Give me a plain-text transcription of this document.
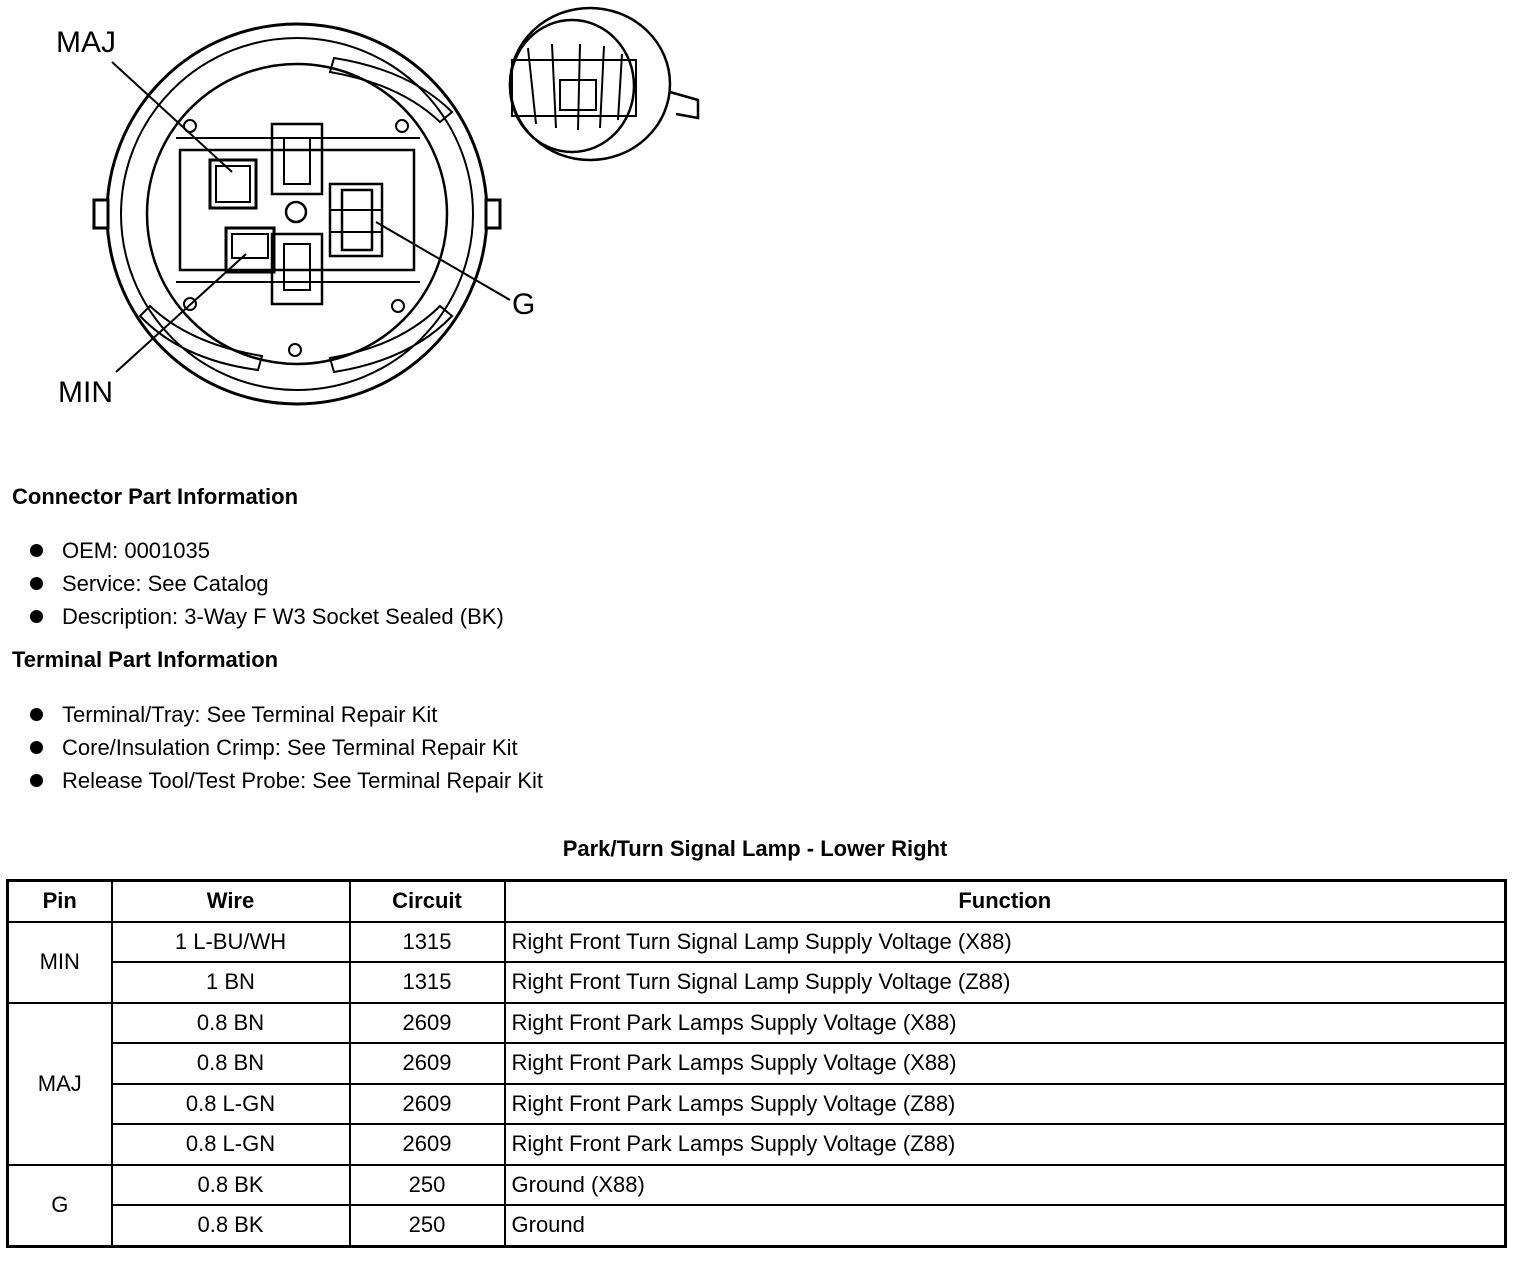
MAJ
MIN
G
Connector Part Information
OEM: 0001035
Service: See Catalog
Description: 3-Way F W3 Socket Sealed (BK)
Terminal Part Information
Terminal/Tray: See Terminal Repair Kit
Core/Insulation Crimp: See Terminal Repair Kit
Release Tool/Test Probe: See Terminal Repair Kit
Park/Turn Signal Lamp - Lower Right
Pin	Wire	Circuit	Function
MIN	1 L-BU/WH	1315	Right Front Turn Signal Lamp Supply Voltage (X88)
	1 BN	1315	Right Front Turn Signal Lamp Supply Voltage (Z88)
MAJ	0.8 BN	2609	Right Front Park Lamps Supply Voltage (X88)
	0.8 BN	2609	Right Front Park Lamps Supply Voltage (X88)
	0.8 L-GN	2609	Right Front Park Lamps Supply Voltage (Z88)
	0.8 L-GN	2609	Right Front Park Lamps Supply Voltage (Z88)
G	0.8 BK	250	Ground (X88)
	0.8 BK	250	Ground
